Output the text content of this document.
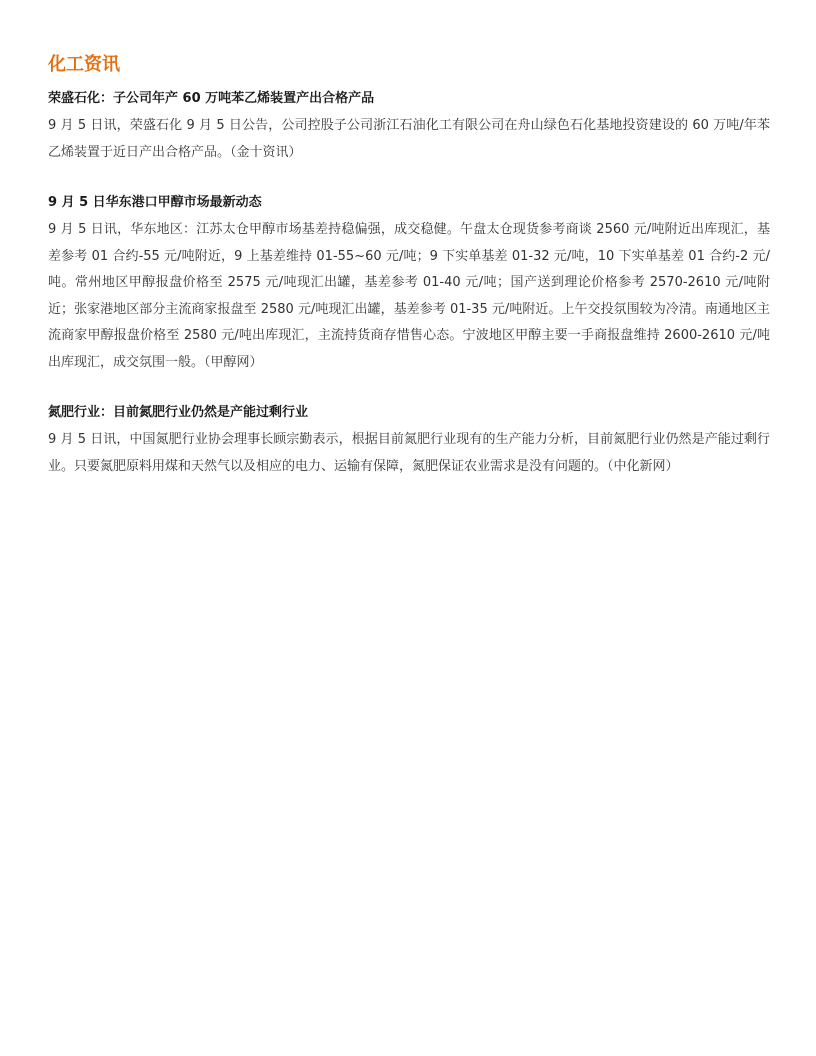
化工资讯
荣盛石化：子公司年产 60 万吨苯乙烯装置产出合格产品

9 月 5 日讯，荣盛石化 9 月 5 日公告，公司控股子公司浙江石油化工有限公司在舟山绿色石化基地投资建设的 60 万吨/年苯乙烯装置于近日产出合格产品。（金十资讯）

9 月 5 日华东港口甲醇市场最新动态

9 月 5 日讯，华东地区：江苏太仓甲醇市场基差持稳偏强，成交稳健。午盘太仓现货参考商谈 2560 元/吨附近出库现汇，基差参考 01 合约-55 元/吨附近，9 上基差维持 01-55~60 元/吨；9 下实单基差 01-32 元/吨，10 下实单基差 01 合约-2 元/吨。常州地区甲醇报盘价格至 2575 元/吨现汇出罐，基差参考 01-40 元/吨；国产送到理论价格参考 2570-2610 元/吨附近；张家港地区部分主流商家报盘至 2580 元/吨现汇出罐，基差参考 01-35 元/吨附近。上午交投氛围较为冷清。南通地区主流商家甲醇报盘价格至 2580 元/吨出库现汇，主流持货商存惜售心态。宁波地区甲醇主要一手商报盘维持 2600-2610 元/吨出库现汇，成交氛围一般。（甲醇网）

氮肥行业：目前氮肥行业仍然是产能过剩行业

9 月 5 日讯，中国氮肥行业协会理事长顾宗勤表示，根据目前氮肥行业现有的生产能力分析，目前氮肥行业仍然是产能过剩行业。只要氮肥原料用煤和天然气以及相应的电力、运输有保障，氮肥保证农业需求是没有问题的。（中化新网）
